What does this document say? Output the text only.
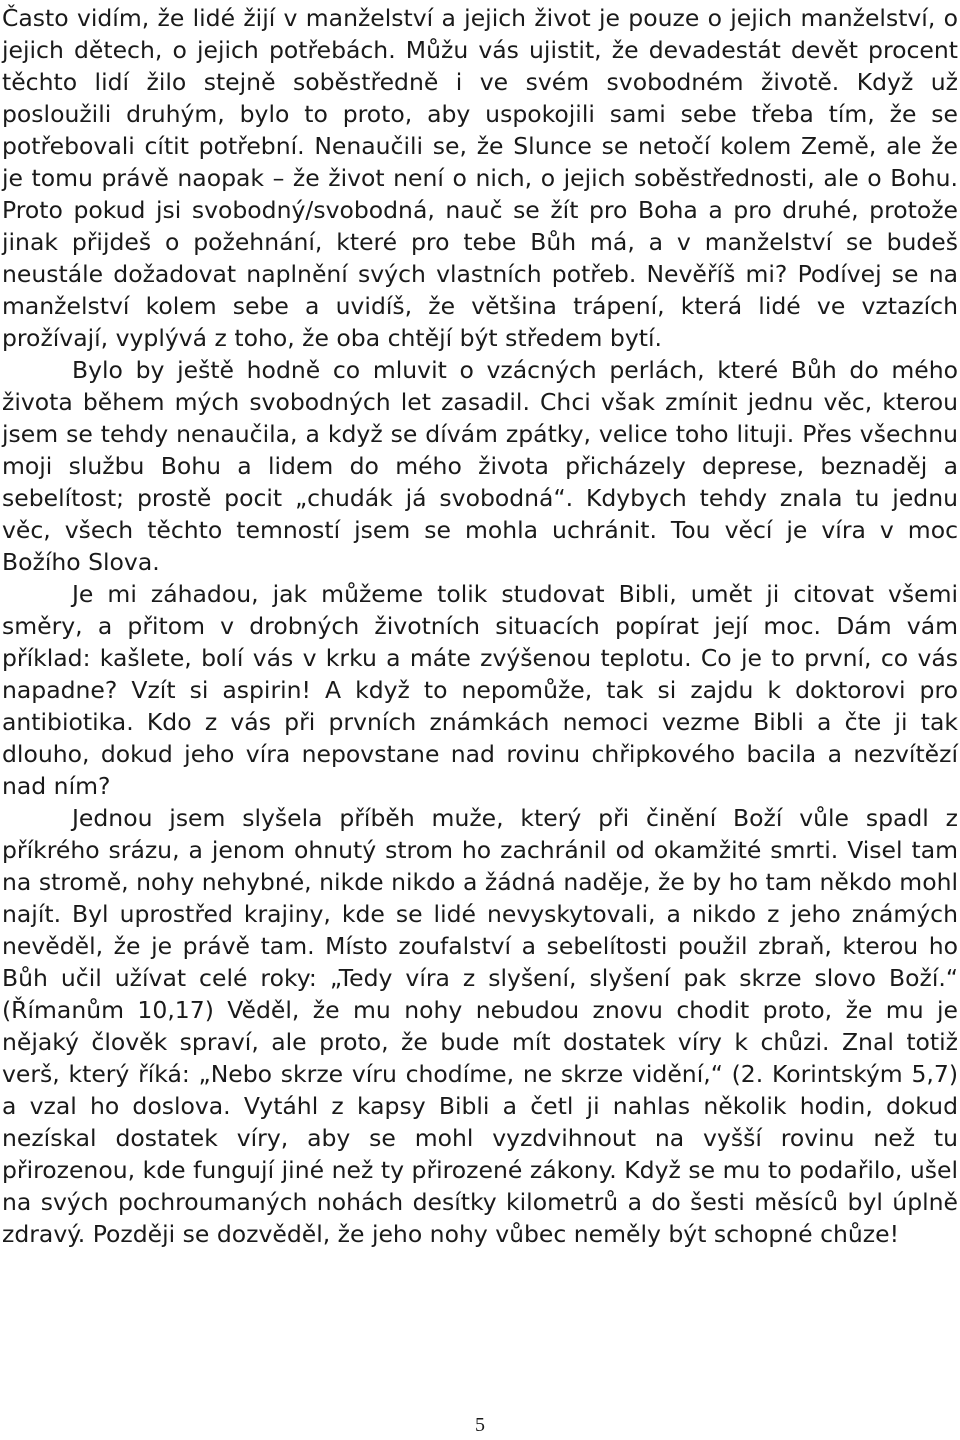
Často vidím, že lidé žijí v manželství a jejich život je pouze o jejich manželství, o jejich dětech, o jejich potřebách. Můžu vás ujistit, že devadestát devět procent těchto lidí žilo stejně soběstředně i ve svém svobodném životě. Když už posloužili druhým, bylo to proto, aby uspokojili sami sebe třeba tím, že se potřebovali cítit potřební. Nenaučili se, že Slunce se netočí kolem Země, ale že je tomu právě naopak – že život není o nich, o jejich soběstřednosti, ale o Bohu. Proto pokud jsi svobodný/svobodná, nauč se žít pro Boha a pro druhé, protože jinak přijdeš o požehnání, které pro tebe Bůh má, a v manželství se budeš neustále dožadovat naplnění svých vlastních potřeb. Nevěříš mi? Podívej se na manželství kolem sebe a uvidíš, že většina trápení, která lidé ve vztazích prožívají, vyplývá z toho, že oba chtějí být středem bytí.

Bylo by ještě hodně co mluvit o vzácných perlách, které Bůh do mého života během mých svobodných let zasadil. Chci však zmínit jednu věc, kterou jsem se tehdy nenaučila, a když se dívám zpátky, velice toho lituji. Přes všechnu moji službu Bohu a lidem do mého života přicházely deprese, beznaděj a sebelítost; prostě pocit „chudák já svobodná“. Kdybych tehdy znala tu jednu věc, všech těchto temností jsem se mohla uchránit. Tou věcí je víra v moc Božího Slova.

Je mi záhadou, jak můžeme tolik studovat Bibli, umět ji citovat všemi směry, a přitom v drobných životních situacích popírat její moc. Dám vám příklad: kašlete, bolí vás v krku a máte zvýšenou teplotu. Co je to první, co vás napadne? Vzít si aspirin! A když to nepomůže, tak si zajdu k doktorovi pro antibiotika. Kdo z vás při prvních známkách nemoci vezme Bibli a čte ji tak dlouho, dokud jeho víra nepovstane nad rovinu chřipkového bacila a nezvítězí nad ním?

Jednou jsem slyšela příběh muže, který při činění Boží vůle spadl z příkrého srázu, a jenom ohnutý strom ho zachránil od okamžité smrti. Visel tam na stromě, nohy nehybné, nikde nikdo a žádná naděje, že by ho tam někdo mohl najít. Byl uprostřed krajiny, kde se lidé nevyskytovali, a nikdo z jeho známých nevěděl, že je právě tam. Místo zoufalství a sebelítosti použil zbraň, kterou ho Bůh učil užívat celé roky: „Tedy víra z slyšení, slyšení pak skrze slovo Boží.“ (Římanům 10,17) Věděl, že mu nohy nebudou znovu chodit proto, že mu je nějaký člověk spraví, ale proto, že bude mít dostatek víry k chůzi. Znal totiž verš, který říká: „Nebo skrze víru chodíme, ne skrze vidění,“ (2. Korintským 5,7) a vzal ho doslova. Vytáhl z kapsy Bibli a četl ji nahlas několik hodin, dokud nezískal dostatek víry, aby se mohl vyzdvihnout na vyšší rovinu než tu přirozenou, kde fungují jiné než ty přirozené zákony. Když se mu to podařilo, ušel na svých pochroumaných nohách desítky kilometrů a do šesti měsíců byl úplně zdravý. Později se dozvěděl, že jeho nohy vůbec neměly být schopné chůze!

5
